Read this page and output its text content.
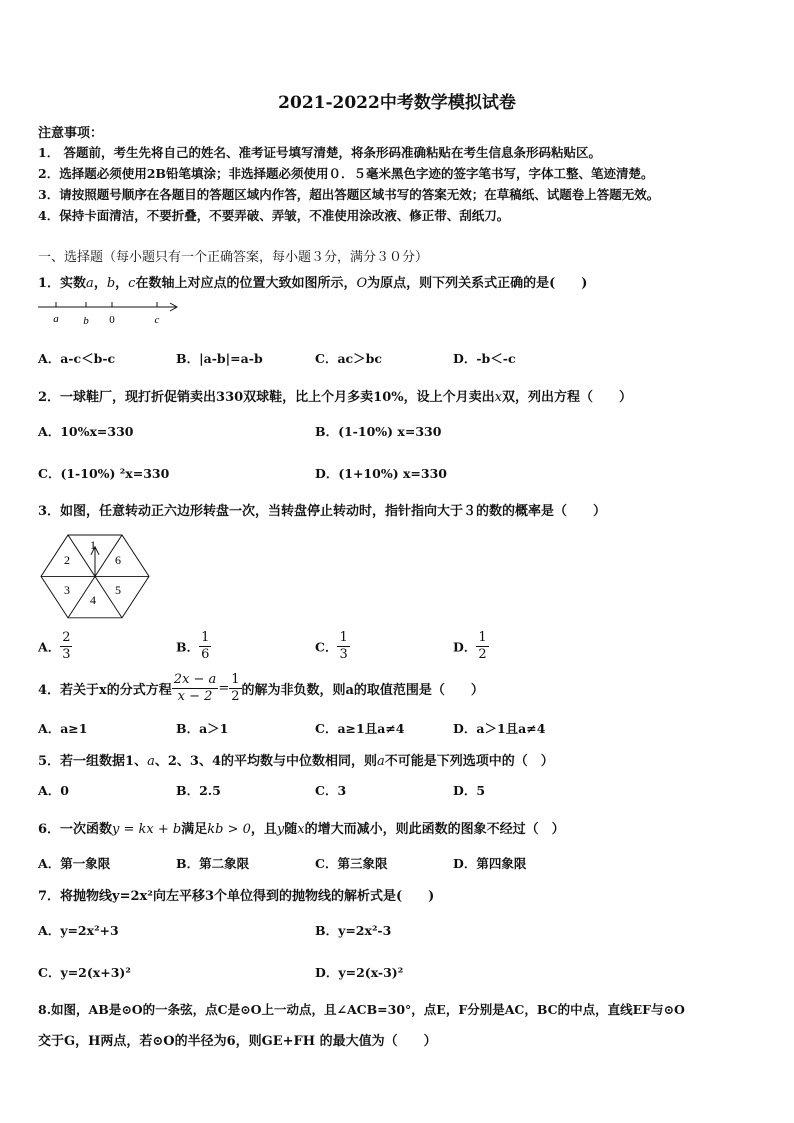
2021-2022中考数学模拟试卷
注意事项：
1． 答题前，考生先将自己的姓名、准考证号填写清楚，将条形码准确粘贴在考生信息条形码粘贴区。
2．选择题必须使用2B铅笔填涂；非选择题必须使用０．５毫米黑色字迹的签字笔书写，字体工整、笔迹清楚。
3．请按照题号顺序在各题目的答题区域内作答，超出答题区域书写的答案无效；在草稿纸、试题卷上答题无效。
4．保持卡面清洁，不要折叠，不要弄破、弄皱，不准使用涂改液、修正带、刮纸刀。
一、选择题（每小题只有一个正确答案，每小题３分，满分３０分）
1．实数a，b，c在数轴上对应点的位置大致如图所示，O为原点，则下列关系式正确的是(　　)
a b 0	c
A．a-c＜b-c	B．|a-b|=a-b	C．ac＞bc	D．-b＜-c
2．一球鞋厂，现打折促销卖出330双球鞋，比上个月多卖10%，设上个月卖出x双，列出方程（　　）
A．10%x=330	B．(1-10%) x=330
C．(1-10%) ²x=330	D．(1+10%) x=330
3．如图，任意转动正六边形转盘一次，当转盘停止转动时，指针指向大于３的数的概率是（　　）
1
6
5
4
3
2
A． $\frac{2}{3}$	B． $\frac{1}{6}$	C． $\frac{1}{3}$	D． $\frac{1}{2}$
4．若关于x的分式方程 $\frac{2x - a}{x - 2} = \frac{1}{2}$ 的解为非负数，则a的取值范围是（　　）
A．a≥1	B．a＞1	C．a≥1且a≠4	D．a＞1且a≠4
5．若一组数据1、a、2、3、4的平均数与中位数相同，则a不可能是下列选项中的（　）
A．0	B．2.5	C．3	D．5
6．一次函数y = kx + b满足kb > 0，且y随x的增大而减小，则此函数的图象不经过（　）
A．第一象限	B．第二象限	C．第三象限	D．第四象限
7．将抛物线y=2x²向左平移3个单位得到的抛物线的解析式是(　　)
A．y=2x²+3	B．y=2x²-3
C．y=2(x+3)²	D．y=2(x-3)²
8.如图，AB是⊙O的一条弦，点C是⊙O上一动点，且∠ACB=30°，点E，F分别是AC，BC的中点，直线EF与⊙O
交于G，H两点，若⊙O的半径为6，则GE+FH 的最大值为（　　）
